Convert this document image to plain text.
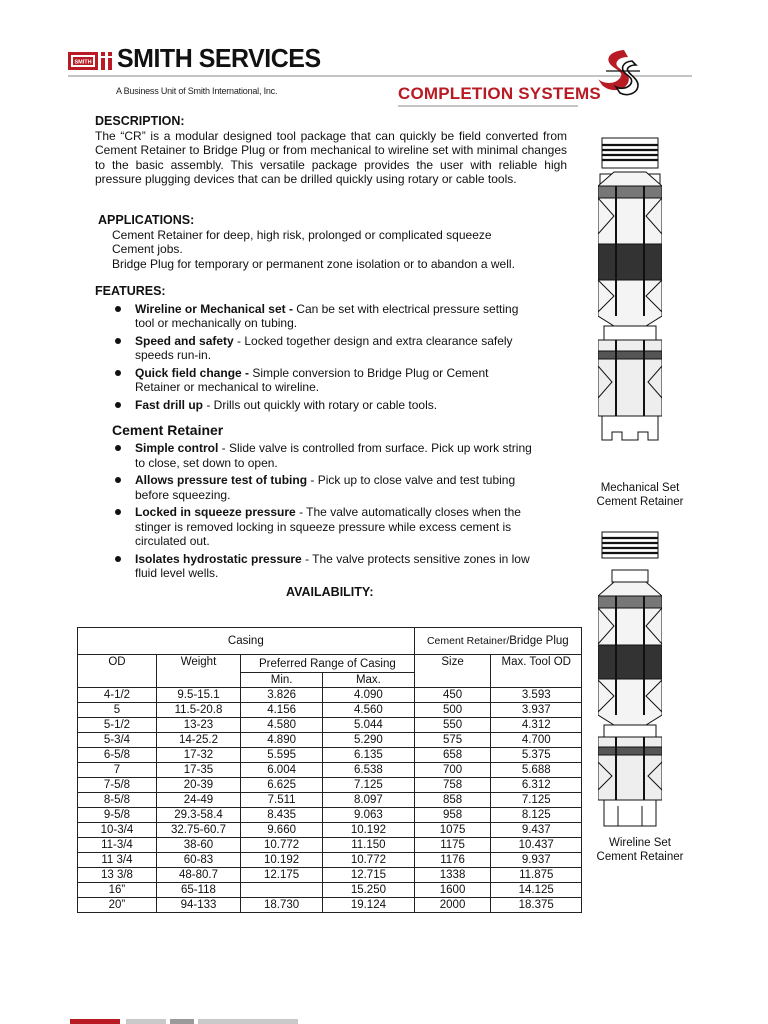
SMITH SMITH SERVICES
A Business Unit of Smith International, Inc.	COMPLETION SYSTEMS
DESCRIPTION:
The “CR” is a modular designed tool package that can quickly be field converted from Cement Retainer to Bridge Plug or from mechanical to wireline set with minimal changes to the basic assembly. This versatile package provides the user with reliable high pressure plugging devices that can be drilled quickly using rotary or cable tools.
APPLICATIONS:
Cement Retainer for deep, high risk, prolonged or complicated squeeze Cement jobs.
Bridge Plug for temporary or permanent zone isolation or to abandon a well.
FEATURES:
Wireline or Mechanical set - Can be set with electrical pressure setting tool or mechanically on tubing.
Speed and safety - Locked together design and extra clearance safely speeds run-in.
Quick field change - Simple conversion to Bridge Plug or Cement Retainer or mechanical to wireline.
Fast drill up - Drills out quickly with rotary or cable tools.
Cement Retainer
Simple control - Slide valve is controlled from surface. Pick up work string to close, set down to open.
Allows pressure test of tubing - Pick up to close valve and test tubing before squeezing.
Locked in squeeze pressure - The valve automatically closes when the stinger is removed locking in squeeze pressure while excess cement is circulated out.
Isolates hydrostatic pressure - The valve protects sensitive zones in low fluid level wells.
AVAILABILITY:
Casing				Cement Retainer/Bridge Plug	
OD	Weight	Preferred Range of Casing		Size	Max. Tool OD
		Min.	Max.		
4-1/2	9.5-15.1	3.826	4.090	450	3.593
5	11.5-20.8	4.156	4.560	500	3.937
5-1/2	13-23	4.580	5.044	550	4.312
5-3/4	14-25.2	4.890	5.290	575	4.700
6-5/8	17-32	5.595	6.135	658	5.375
7	17-35	6.004	6.538	700	5.688
7-5/8	20-39	6.625	7.125	758	6.312
8-5/8	24-49	7.511	8.097	858	7.125
9-5/8	29.3-58.4	8.435	9.063	958	8.125
10-3/4	32.75-60.7	9.660	10.192	1075	9.437
11-3/4	38-60	10.772	11.150	1175	10.437
11 3/4	60-83	10.192	10.772	1176	9.937
13 3/8	48-80.7	12.175	12.715	1338	11.875
16”	65-118		15.250	1600	14.125
20”	94-133	18.730	19.124	2000	18.375
Mechanical Set
Cement Retainer
Wireline Set
Cement Retainer
